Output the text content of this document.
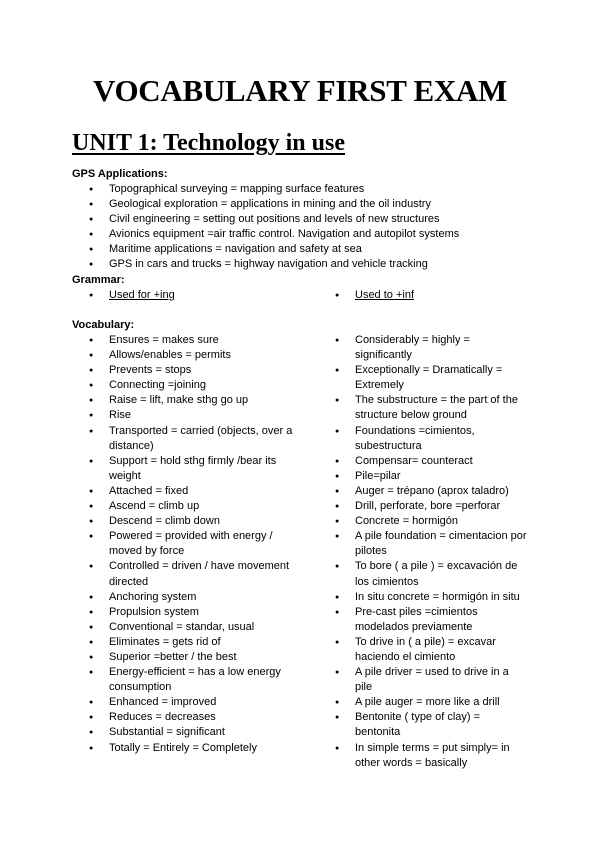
VOCABULARY FIRST EXAM
UNIT 1: Technology in use
GPS Applications:
● Topographical surveying = mapping surface features
● Geological exploration = applications in mining and the oil industry
● Civil engineering = setting out positions and levels of new structures
● Avionics equipment =air traffic control. Navigation and autopilot systems
● Maritime applications = navigation and safety at sea
● GPS in cars and trucks = highway navigation and vehicle tracking
Grammar:
● Used for +ing
●	Used to +inf
Vocabulary:
● Ensures = makes sure
● Allows/enables = permits
● Prevents = stops
● Connecting =joining
● Raise = lift, make sthg go up
● Rise
● Transported = carried (objects, over a distance)
● Support = hold sthg firmly /bear its weight
● Attached = fixed
● Ascend = climb up
● Descend = climb down
● Powered = provided with energy / moved by force
● Controlled = driven / have movement directed
● Anchoring system
● Propulsion system
● Conventional = standar, usual
● Eliminates = gets rid of
● Superior =better / the best
● Energy-efficient = has a low energy consumption
● Enhanced = improved
● Reduces = decreases
● Substantial = significant
● Totally = Entirely = Completely
● Considerably = highly = significantly
● Exceptionally = Dramatically = Extremely
● The substructure = the part of the structure below ground
● Foundations =cimientos, subestructura
● Compensar= counteract
● Pile=pilar
● Auger = trépano (aprox taladro)
● Drill, perforate, bore =perforar
● Concrete = hormigón
● A pile foundation = cimentacion por pilotes
● To bore ( a pile ) = excavación de los cimientos
● In situ concrete = hormigón in situ
● Pre-cast piles =cimientos modelados previamente
● To drive in ( a pile) = excavar haciendo el cimiento
● A pile driver = used to drive in a pile
● A pile auger = more like a drill
● Bentonite ( type of clay) = bentonita
● In simple terms = put simply= in other words = basically
